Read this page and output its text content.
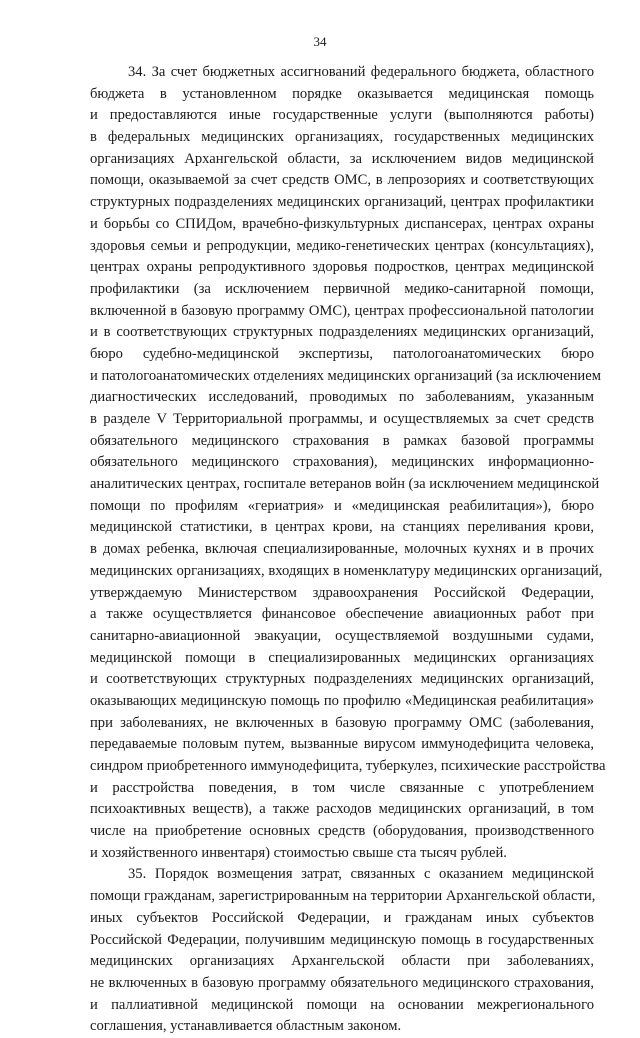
34
34. За счет бюджетных ассигнований федерального бюджета, областного
бюджета в установленном порядке оказывается медицинская помощь
и предоставляются иные государственные услуги (выполняются работы)
в федеральных медицинских организациях, государственных медицинских
организациях Архангельской области, за исключением видов медицинской
помощи, оказываемой за счет средств ОМС, в лепрозориях и соответствующих
структурных подразделениях медицинских организаций, центрах профилактики
и борьбы со СПИДом, врачебно-физкультурных диспансерах, центрах охраны
здоровья семьи и репродукции, медико-генетических центрах (консультациях),
центрах охраны репродуктивного здоровья подростков, центрах медицинской
профилактики (за исключением первичной медико-санитарной помощи,
включенной в базовую программу ОМС), центрах профессиональной патологии
и в соответствующих структурных подразделениях медицинских организаций,
бюро судебно-медицинской экспертизы, патологоанатомических бюро
и патологоанатомических отделениях медицинских организаций (за исключением
диагностических исследований, проводимых по заболеваниям, указанным
в разделе V Территориальной программы, и осуществляемых за счет средств
обязательного медицинского страхования в рамках базовой программы
обязательного медицинского страхования), медицинских информационно-
аналитических центрах, госпитале ветеранов войн (за исключением медицинской
помощи по профилям «гериатрия» и «медицинская реабилитация»), бюро
медицинской статистики, в центрах крови, на станциях переливания крови,
в домах ребенка, включая специализированные, молочных кухнях и в прочих
медицинских организациях, входящих в номенклатуру медицинских организаций,
утверждаемую Министерством здравоохранения Российской Федерации,
а также осуществляется финансовое обеспечение авиационных работ при
санитарно-авиационной эвакуации, осуществляемой воздушными судами,
медицинской помощи в специализированных медицинских организациях
и соответствующих структурных подразделениях медицинских организаций,
оказывающих медицинскую помощь по профилю «Медицинская реабилитация»
при заболеваниях, не включенных в базовую программу ОМС (заболевания,
передаваемые половым путем, вызванные вирусом иммунодефицита человека,
синдром приобретенного иммунодефицита, туберкулез, психические расстройства
и расстройства поведения, в том числе связанные с употреблением
психоактивных веществ), а также расходов медицинских организаций, в том
числе на приобретение основных средств (оборудования, производственного
и хозяйственного инвентаря) стоимостью свыше ста тысяч рублей.
35. Порядок возмещения затрат, связанных с оказанием медицинской
помощи гражданам, зарегистрированным на территории Архангельской области,
иных субъектов Российской Федерации, и гражданам иных субъектов
Российской Федерации, получившим медицинскую помощь в государственных
медицинских организациях Архангельской области при заболеваниях,
не включенных в базовую программу обязательного медицинского страхования,
и паллиативной медицинской помощи на основании межрегионального
соглашения, устанавливается областным законом.
